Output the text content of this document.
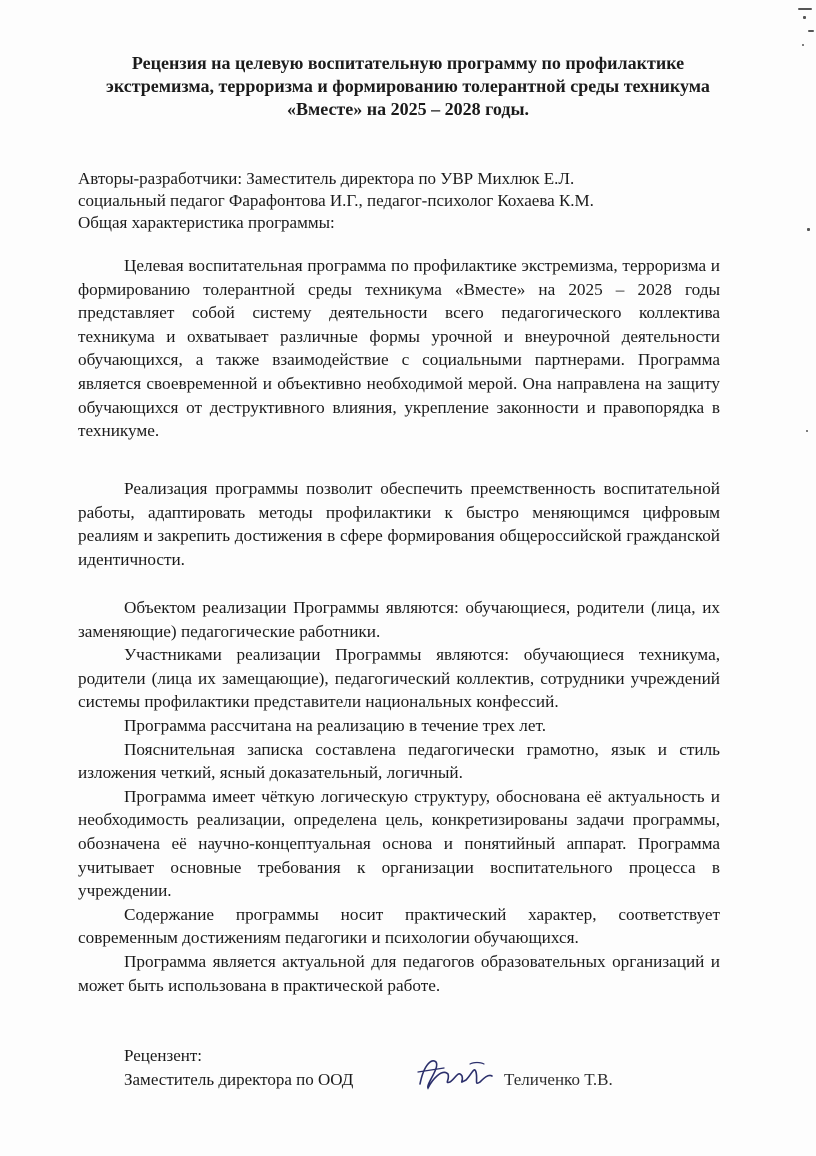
Рецензия на целевую воспитательную программу по профилактике экстремизма, терроризма и формированию толерантной среды техникума «Вместе» на 2025 – 2028 годы.
Авторы-разработчики: Заместитель директора по УВР Михлюк Е.Л.
социальный педагог Фарафонтова И.Г., педагог-психолог Кохаева К.М.
Общая характеристика программы:

Целевая воспитательная программа по профилактике экстремизма, терроризма и формированию толерантной среды техникума «Вместе» на 2025 – 2028 годы представляет собой систему деятельности всего педагогического коллектива техникума и охватывает различные формы урочной и внеурочной деятельности обучающихся, а также взаимодействие с социальными партнерами. Программа является своевременной и объективно необходимой мерой. Она направлена на защиту обучающихся от деструктивного влияния, укрепление законности и правопорядка в техникуме.

Реализация программы позволит обеспечить преемственность воспитательной работы, адаптировать методы профилактики к быстро меняющимся цифровым реалиям и закрепить достижения в сфере формирования общероссийской гражданской идентичности.

Объектом реализации Программы являются: обучающиеся, родители (лица, их заменяющие) педагогические работники.

Участниками реализации Программы являются: обучающиеся техникума, родители (лица их замещающие), педагогический коллектив, сотрудники учреждений системы профилактики представители национальных конфессий.

Программа рассчитана на реализацию в течение трех лет.

Пояснительная записка составлена педагогически грамотно, язык и стиль изложения четкий, ясный доказательный, логичный.

Программа имеет чёткую логическую структуру, обоснована её актуальность и необходимость реализации, определена цель, конкретизированы задачи программы, обозначена её научно-концептуальная основа и понятийный аппарат. Программа учитывает основные требования к организации воспитательного процесса в учреждении.

Содержание программы носит практический характер, соответствует современным достижениям педагогики и психологии обучающихся.

Программа является актуальной для педагогов образовательных организаций и может быть использована в практической работе.

Рецензент:
Заместитель директора по ООД	Теличенко Т.В.
